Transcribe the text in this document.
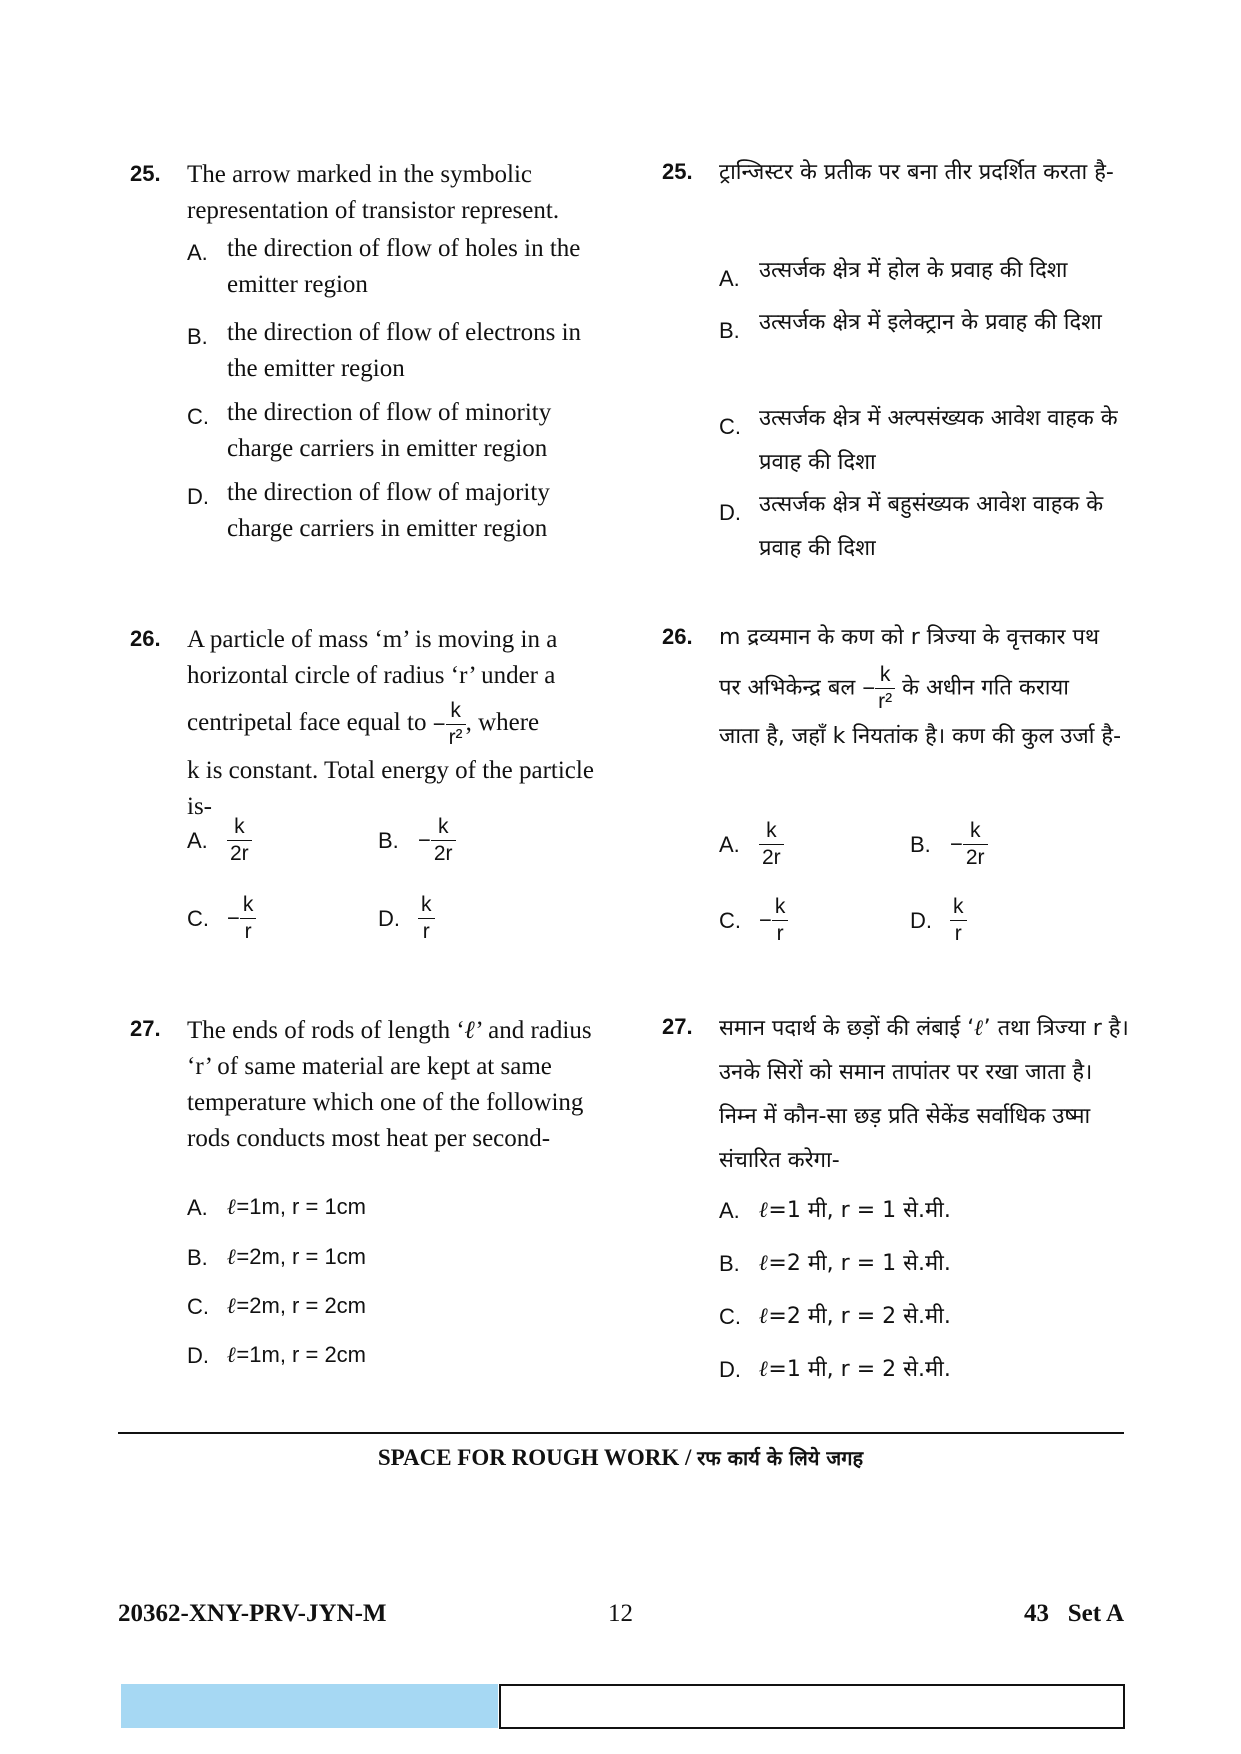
25. The arrow marked in the symbolic representation of transistor represent.
A. the direction of flow of holes in the emitter region
B. the direction of flow of electrons in the emitter region
C. the direction of flow of minority charge carriers in emitter region
D. the direction of flow of majority charge carriers in emitter region
26. A particle of mass ‘m’ is moving in a horizontal circle of radius ‘r’ under a
centripetal face equal to − $\frac{k}{\text{r²}}$ , where
k is constant. Total energy of the particle is-
A. $\frac{k}{2r}$	B. − $\frac{k}{2r}$
C. − $\frac{k}{r}$	D. $\frac{k}{r}$
27. The ends of rods of length ‘ℓ’ and radius ‘r’ of same material are kept at same temperature which one of the following rods conducts most heat per second-
A. ℓ=1m, r = 1cm
B. ℓ=2m, r = 1cm
C. ℓ=2m, r = 2cm
D. ℓ=1m, r = 2cm
25. ट्रान्जिस्टर के प्रतीक पर बना तीर प्रदर्शित करता है-
A. उत्सर्जक क्षेत्र में होल के प्रवाह की दिशा
B. उत्सर्जक क्षेत्र में इलेक्ट्रान के प्रवाह की दिशा
C. उत्सर्जक क्षेत्र में अल्पसंख्यक आवेश वाहक के प्रवाह की दिशा
D. उत्सर्जक क्षेत्र में बहुसंख्यक आवेश वाहक के प्रवाह की दिशा
26. m द्रव्यमान के कण को r त्रिज्या के वृत्तकार पथ
पर अभिकेन्द्र बल − $\frac{k}{\text{r²}}$ के अधीन गति कराया
जाता है, जहाँ k नियतांक है। कण की कुल उर्जा है-
A. $\frac{k}{2r}$	B. − $\frac{k}{2r}$
C. − $\frac{k}{r}$	D. $\frac{k}{r}$
27. समान पदार्थ के छड़ों की लंबाई ‘ℓ’ तथा त्रिज्या r है। उनके सिरों को समान तापांतर पर रखा जाता है। निम्न में कौन-सा छड़ प्रति सेकेंड सर्वाधिक उष्मा संचारित करेगा-
A. ℓ=1 मी, r = 1 से.मी.
B. ℓ=2 मी, r = 1 से.मी.
C. ℓ=2 मी, r = 2 से.मी.
D. ℓ=1 मी, r = 2 से.मी.
SPACE FOR ROUGH WORK / रफ कार्य के लिये जगह
20362-XNY-PRV-JYN-M	12	43   Set A
